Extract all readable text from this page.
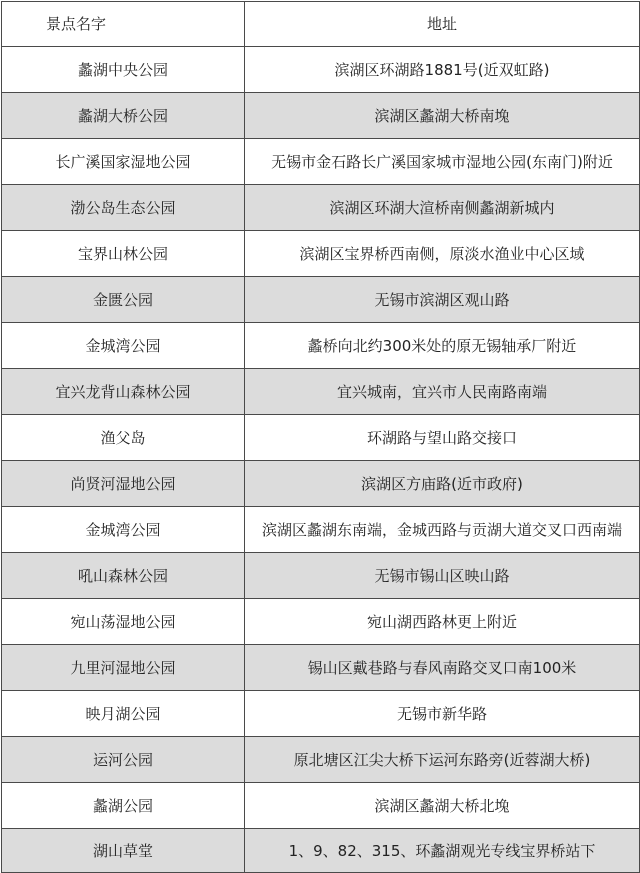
景点名字	地址
蠡湖中央公园	滨湖区环湖路1881号(近双虹路)
蠡湖大桥公园	滨湖区蠡湖大桥南堍
长广溪国家湿地公园	无锡市金石路长广溪国家城市湿地公园(东南门)附近
渤公岛生态公园	滨湖区环湖大渲桥南侧蠡湖新城内
宝界山林公园	滨湖区宝界桥西南侧，原淡水渔业中心区域
金匮公园	无锡市滨湖区观山路
金城湾公园	蠡桥向北约300米处的原无锡轴承厂附近
宜兴龙背山森林公园	宜兴城南，宜兴市人民南路南端
渔父岛	环湖路与望山路交接口
尚贤河湿地公园	滨湖区方庙路(近市政府)
金城湾公园	滨湖区蠡湖东南端，金城西路与贡湖大道交叉口西南端
吼山森林公园	无锡市锡山区映山路
宛山荡湿地公园	宛山湖西路林更上附近
九里河湿地公园	锡山区戴巷路与春风南路交叉口南100米
映月湖公园	无锡市新华路
运河公园	原北塘区江尖大桥下运河东路旁(近蓉湖大桥)
蠡湖公园	滨湖区蠡湖大桥北堍
湖山草堂	1、9、82、315、环蠡湖观光专线宝界桥站下
